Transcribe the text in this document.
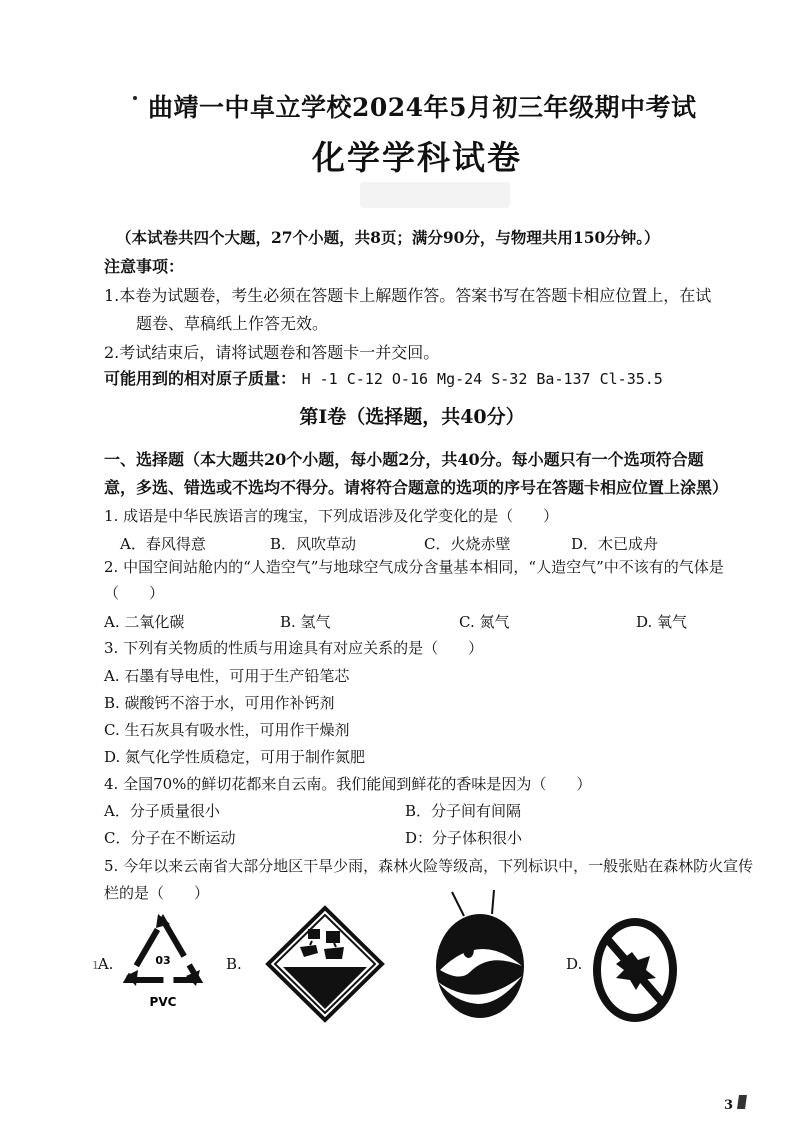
曲靖一中卓立学校2024年5月初三年级期中考试
化学学科试卷
（本试卷共四个大题，27个小题，共8页；满分90分，与物理共用150分钟。）
注意事项：
1.本卷为试题卷，考生必须在答题卡上解题作答。答案书写在答题卡相应位置上，在试
题卷、草稿纸上作答无效。
2.考试结束后，请将试题卷和答题卡一并交回。
可能用到的相对原子质量： H -1 C-12 O-16 Mg-24 S-32 Ba-137 Cl-35.5
第Ⅰ卷（选择题，共40分）
一、选择题（本大题共20个小题，每小题2分，共40分。每小题只有一个选项符合题
意，多选、错选或不选均不得分。请将符合题意的选项的序号在答题卡相应位置上涂黑）
1. 成语是中华民族语言的瑰宝，下列成语涉及化学变化的是（　　）
A．春风得意	B．风吹草动	C．火烧赤壁	D．木已成舟
2. 中国空间站舱内的“人造空气”与地球空气成分含量基本相同，“人造空气”中不该有的气体是
（　　）
A. 二氧化碳	B. 氢气	C. 氮气	D. 氧气
3. 下列有关物质的性质与用途具有对应关系的是（　　）
A. 石墨有导电性，可用于生产铅笔芯
B. 碳酸钙不溶于水，可用作补钙剂
C. 生石灰具有吸水性，可用作干燥剂
D. 氮气化学性质稳定，可用于制作氮肥
4. 全国70%的鲜切花都来自云南。我们能闻到鲜花的香味是因为（　　）
A．分子质量很小	B．分子间有间隔
C．分子在不断运动	D：分子体积很小
5. 今年以来云南省大部分地区干旱少雨，森林火险等级高，下列标识中，一般张贴在森林防火宣传
栏的是（　　）
ıA.	03
PVC
B.	D.
3
